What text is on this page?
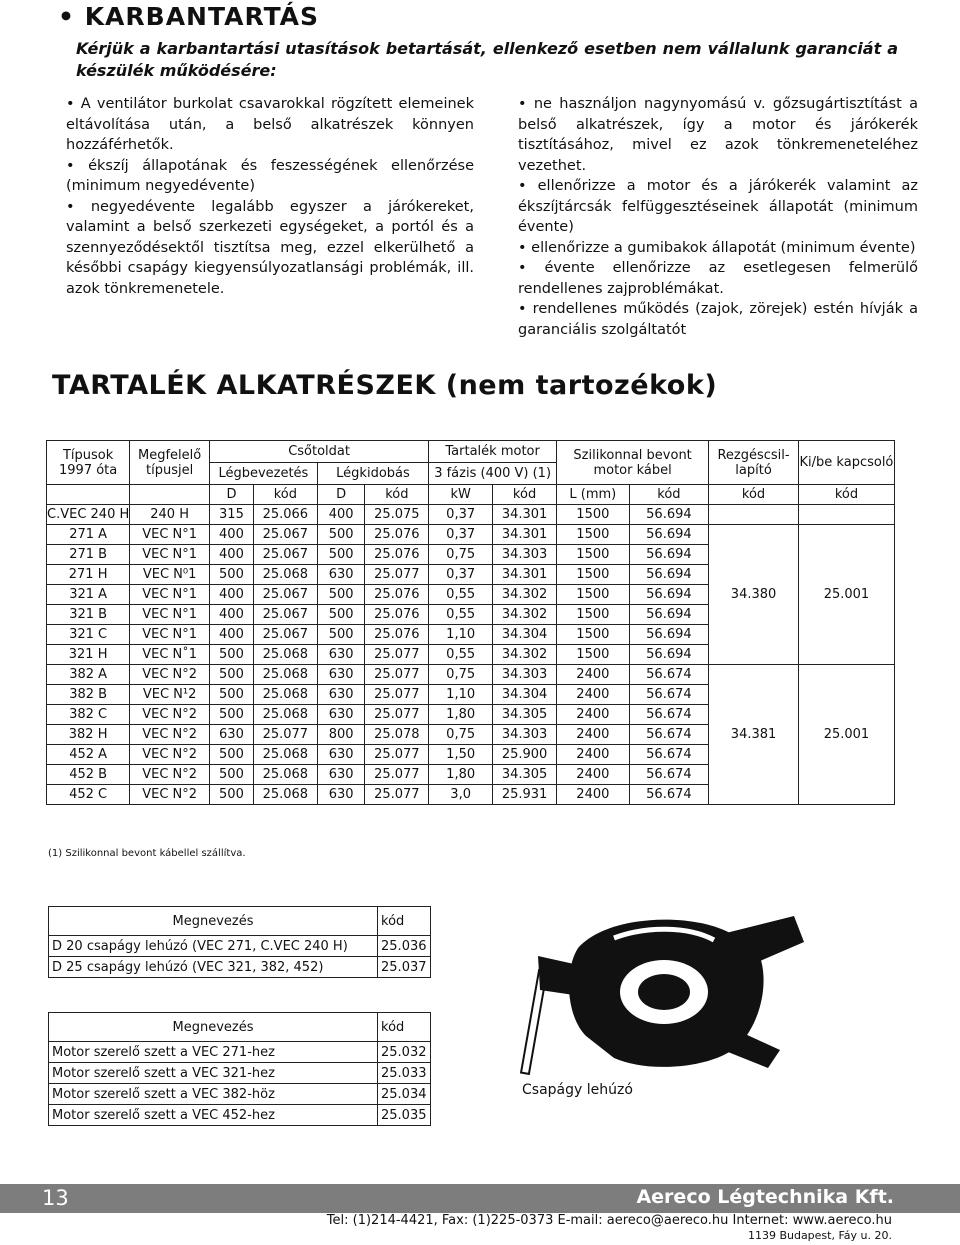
• KARBANTARTÁS
Kérjük a karbantartási utasítások betartását, ellenkező esetben nem vállalunk garanciát a készülék működésére:

• A ventilátor burkolat csavarokkal rögzített elemeinek eltávolítása után, a belső alkatrészek könnyen hozzáférhetők.

• ékszíj állapotának és feszességének ellenőrzése (minimum negyedévente)

• negyedévente legalább egyszer a járókereket, valamint a belső szerkezeti egységeket, a portól és a szennyeződésektől tisztítsa meg, ezzel elkerülhető a későbbi csapágy kiegyensúlyozatlansági problémák, ill. azok tönkremenetele.

• ne használjon nagynyomású v. gőzsugártisztítást a belső alkatrészek, így a motor és járókerék tisztításához, mivel ez azok tönkremeneteléhez vezethet.

• ellenőrizze a motor és a járókerék valamint az ékszíjtárcsák felfüggesztéseinek állapotát (minimum évente)

• ellenőrizze a gumibakok állapotát (minimum évente)

• évente ellenőrizze az esetlegesen felmerülő rendellenes zajproblémákat.

• rendellenes működés (zajok, zörejek) estén hívják a garanciális szolgáltatót

TARTALÉK ALKATRÉSZEK (nem tartozékok)
Típusok 1997 óta	Megfelelő típusjel	Csőtoldat				Tartalék motor		Szilikonnal bevont motor kábel		Rezgéscsil-lapító	Ki/be kapcsoló
		Légbevezetés		Légkidobás		3 fázis (400 V) (1)					
		D	kód	D	kód	kW	kód	L (mm)	kód	kód	kód
C.VEC 240 H	240 H	315	25.066	400	25.075	0,37	34.301	1500	56.694		
271 A	VEC N°1	400	25.067	500	25.076	0,37	34.301	1500	56.694	34.380	25.001
271 B	VEC N°1	400	25.067	500	25.076	0,75	34.303	1500	56.694		
271 H	VEC N⁰1	500	25.068	630	25.077	0,37	34.301	1500	56.694		
321 A	VEC N°1	400	25.067	500	25.076	0,55	34.302	1500	56.694		
321 B	VEC N°1	400	25.067	500	25.076	0,55	34.302	1500	56.694		
321 C	VEC N°1	400	25.067	500	25.076	1,10	34.304	1500	56.694		
321 H	VEC N˚1	500	25.068	630	25.077	0,55	34.302	1500	56.694		
382 A	VEC N°2	500	25.068	630	25.077	0,75	34.303	2400	56.674	34.381	25.001
382 B	VEC N¹2	500	25.068	630	25.077	1,10	34.304	2400	56.674		
382 C	VEC N°2	500	25.068	630	25.077	1,80	34.305	2400	56.674		
382 H	VEC N°2	630	25.077	800	25.078	0,75	34.303	2400	56.674		
452 A	VEC N°2	500	25.068	630	25.077	1,50	25.900	2400	56.674		
452 B	VEC N°2	500	25.068	630	25.077	1,80	34.305	2400	56.674		
452 C	VEC N°2	500	25.068	630	25.077	3,0	25.931	2400	56.674		
(1) Szilikonnal bevont kábellel szállítva.
Megnevezés	kód
D 20 csapágy lehúzó (VEC 271, C.VEC 240 H)	25.036
D 25 csapágy lehúzó (VEC 321, 382, 452)	25.037
Megnevezés	kód
Motor szerelő szett a VEC 271-hez	25.032
Motor szerelő szett a VEC 321-hez	25.033
Motor szerelő szett a VEC 382-höz	25.034
Motor szerelő szett a VEC 452-hez	25.035
Csapágy lehúzó
13	Aereco Légtechnika Kft.
Tel: (1)214-4421, Fax: (1)225-0373 E-mail: aereco@aereco.hu Internet: www.aereco.hu
1139 Budapest, Fáy u. 20.
